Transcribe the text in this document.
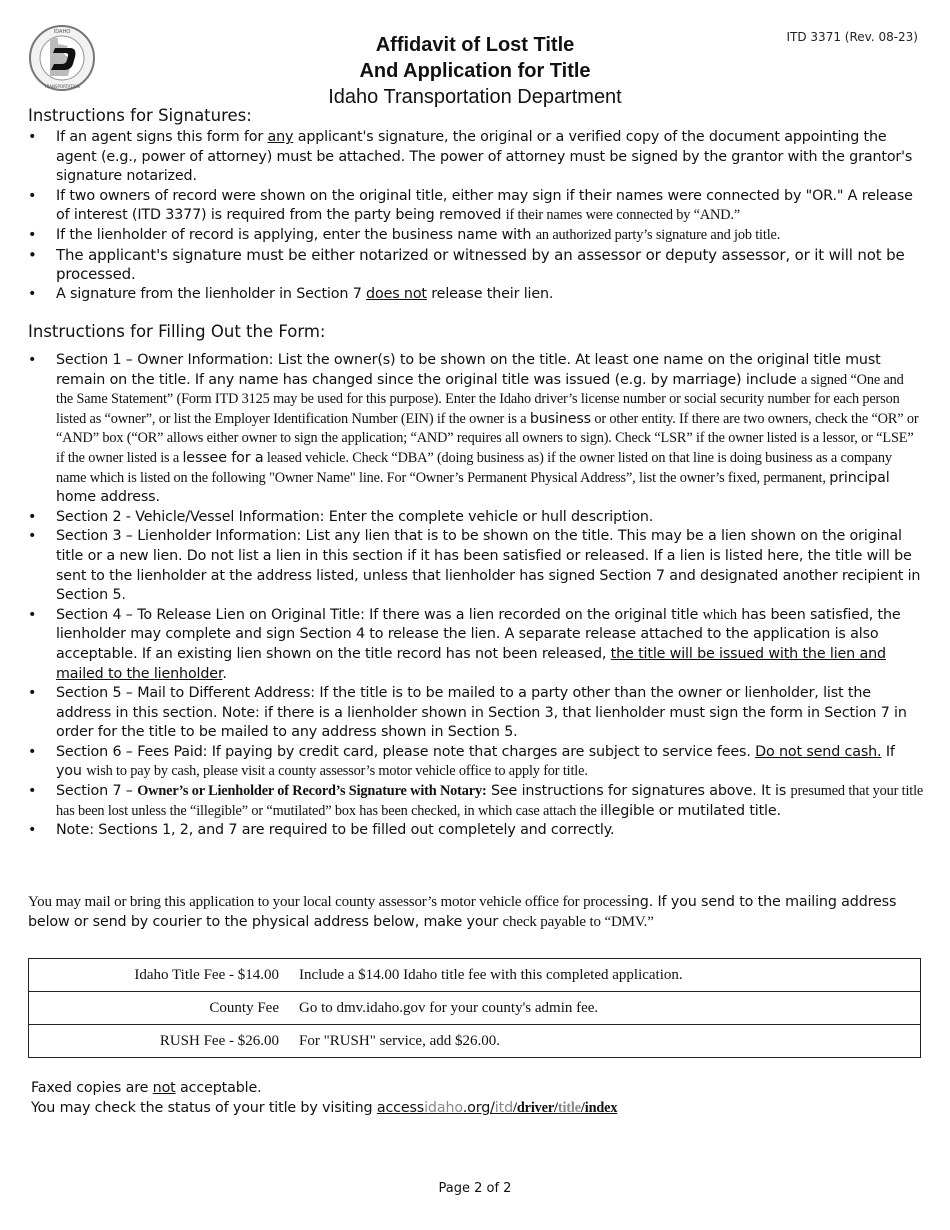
IDAHO
TRANSPORTATION
ITD 3371 (Rev. 08-23)
Affidavit of Lost Title
And Application for Title
Idaho Transportation Department
Instructions for Signatures:
• If an agent signs this form for any applicant's signature, the original or a verified copy of the document appointing the agent (e.g., power of attorney) must be attached. The power of attorney must be signed by the grantor with the grantor's signature notarized.
• If two owners of record were shown on the original title, either may sign if their names were connected by "OR." A release of interest (ITD 3377) is required from the party being removed if their names were connected by “AND.”
• If the lienholder of record is applying, enter the business name with an authorized party’s signature and job title.
• The applicant's signature must be either notarized or witnessed by an assessor or deputy assessor, or it will not be processed.
• A signature from the lienholder in Section 7 does not release their lien.
Instructions for Filling Out the Form:
• Section 1 – Owner Information: List the owner(s) to be shown on the title. At least one name on the original title must remain on the title. If any name has changed since the original title was issued (e.g. by marriage) include a signed “One and the Same Statement” (Form ITD 3125 may be used for this purpose). Enter the Idaho driver’s license number or social security number for each person listed as “owner”, or list the Employer Identification Number (EIN) if the owner is a business or other entity. If there are two owners, check the “OR” or “AND” box (“OR” allows either owner to sign the application; “AND” requires all owners to sign). Check “LSR” if the owner listed is a lessor, or “LSE” if the owner listed is a lessee for a leased vehicle. Check “DBA” (doing business as) if the owner listed on that line is doing business as a company name which is listed on the following "Owner Name" line. For “Owner’s Permanent Physical Address”, list the owner’s fixed, permanent, principal home address.
• Section 2 - Vehicle/Vessel Information: Enter the complete vehicle or hull description.
• Section 3 – Lienholder Information: List any lien that is to be shown on the title. This may be a lien shown on the original title or a new lien. Do not list a lien in this section if it has been satisfied or released. If a lien is listed here, the title will be sent to the lienholder at the address listed, unless that lienholder has signed Section 7 and designated another recipient in Section 5.
• Section 4 – To Release Lien on Original Title: If there was a lien recorded on the original title which has been satisfied, the lienholder may complete and sign Section 4 to release the lien. A separate release attached to the application is also acceptable. If an existing lien shown on the title record has not been released, the title will be issued with the lien and mailed to the lienholder.
• Section 5 – Mail to Different Address: If the title is to be mailed to a party other than the owner or lienholder, list the address in this section. Note: if there is a lienholder shown in Section 3, that lienholder must sign the form in Section 7 in order for the title to be mailed to any address shown in Section 5.
• Section 6 – Fees Paid: If paying by credit card, please note that charges are subject to service fees. Do not send cash. If you wish to pay by cash, please visit a county assessor’s motor vehicle office to apply for title.
• Section 7 – Owner’s or Lienholder of Record’s Signature with Notary: See instructions for signatures above. It is presumed that your title has been lost unless the “illegible” or “mutilated” box has been checked, in which case attach the illegible or mutilated title.
• Note: Sections 1, 2, and 7 are required to be filled out completely and correctly.
You may mail or bring this application to your local county assessor’s motor vehicle office for processing. If you send to the mailing address below or send by courier to the physical address below, make your check payable to “DMV.”
Idaho Title Fee - $14.00	Include a $14.00 Idaho title fee with this completed application.
County Fee	Go to dmv.idaho.gov for your county's admin fee.
RUSH Fee - $26.00	For "RUSH" service, add $26.00.
Faxed copies are not acceptable.
You may check the status of your title by visiting accessidaho.org/itd/driver/title/index
Page 2 of 2
